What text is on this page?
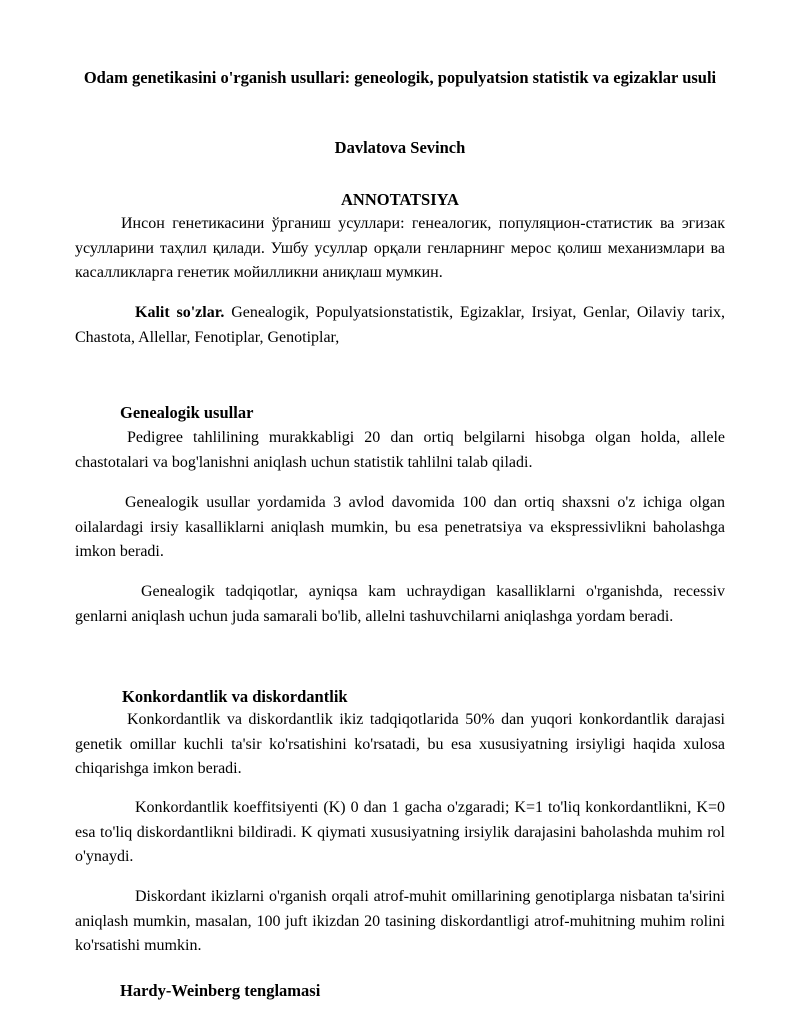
Odam genetikasini o'rganish usullari: geneologik, populyatsion statistik va egizaklar usuli
Davlatova Sevinch
ANNOTATSIYA

Инсон генетикасини ўрганиш усуллари: генеалогик, популяцион-статистик ва эгизак усулларини таҳлил қилади. Ушбу усуллар орқали генларнинг мерос қолиш механизмлари ва касалликларга генетик мойилликни аниқлаш мумкин.

Kalit so'zlar. Genealogik, Populyatsionstatistik, Egizaklar, Irsiyat, Genlar, Oilaviy tarix, Chastota, Allellar, Fenotiplar, Genotiplar,

Genealogik usullar

Pedigree tahlilining murakkabligi 20 dan ortiq belgilarni hisobga olgan holda, allele chastotalari va bog'lanishni aniqlash uchun statistik tahlilni talab qiladi.

Genealogik usullar yordamida 3 avlod davomida 100 dan ortiq shaxsni o'z ichiga olgan oilalardagi irsiy kasalliklarni aniqlash mumkin, bu esa penetratsiya va ekspressivlikni baholashga imkon beradi.

Genealogik tadqiqotlar, ayniqsa kam uchraydigan kasalliklarni o'rganishda, recessiv genlarni aniqlash uchun juda samarali bo'lib, allelni tashuvchilarni aniqlashga yordam beradi.

Konkordantlik va diskordantlik

Konkordantlik va diskordantlik ikiz tadqiqotlarida 50% dan yuqori konkordantlik darajasi genetik omillar kuchli ta'sir ko'rsatishini ko'rsatadi, bu esa xususiyatning irsiyligi haqida xulosa chiqarishga imkon beradi.

Konkordantlik koeffitsiyenti (K) 0 dan 1 gacha o'zgaradi; K=1 to'liq konkordantlikni, K=0 esa to'liq diskordantlikni bildiradi. K qiymati xususiyatning irsiylik darajasini baholashda muhim rol o'ynaydi.

Diskordant ikizlarni o'rganish orqali atrof-muhit omillarining genotiplarga nisbatan ta'sirini aniqlash mumkin, masalan, 100 juft ikizdan 20 tasining diskordantligi atrof-muhitning muhim rolini ko'rsatishi mumkin.

Hardy-Weinberg tenglamasi
